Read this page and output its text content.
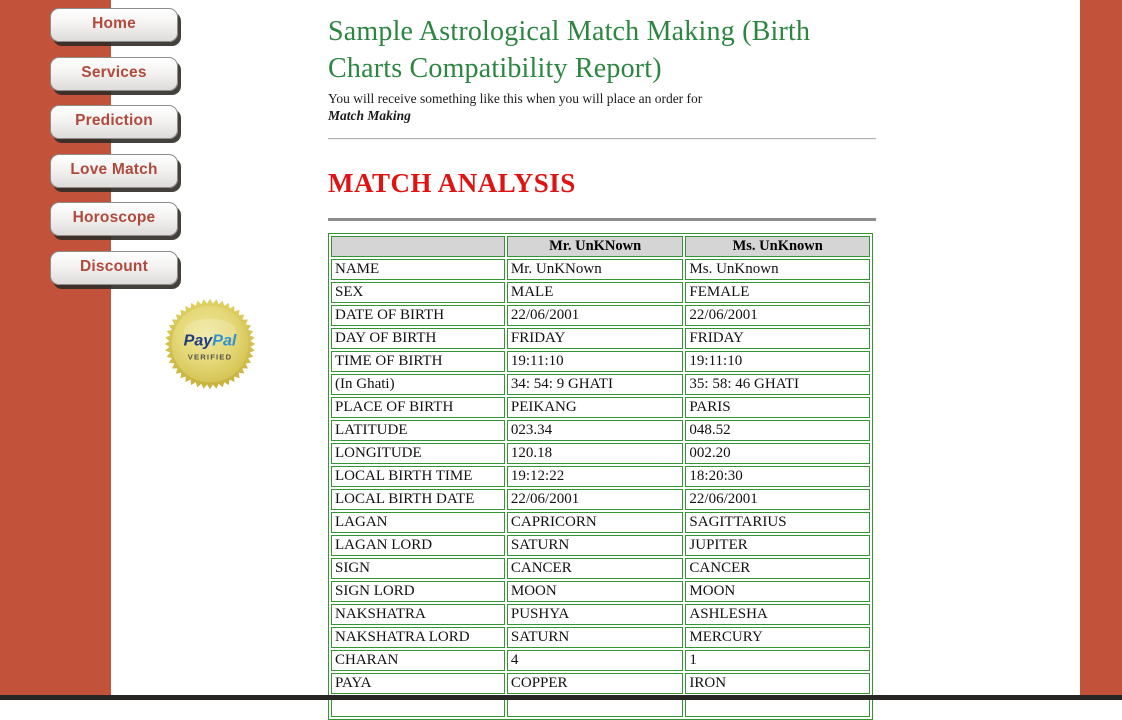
Home
Services
Prediction
Love Match
Horoscope
Discount
PayPal
VERIFIED
Sample Astrological Match Making (Birth Charts Compatibility Report)
You will receive something like this when you will place an order for
Match Making
MATCH ANALYSIS
	Mr. UnKNown	Ms. UnKnown
NAME	Mr. UnKNown	Ms. UnKnown
SEX	MALE	FEMALE
DATE OF BIRTH	22/06/2001	22/06/2001
DAY OF BIRTH	FRIDAY	FRIDAY
TIME OF BIRTH	19:11:10	19:11:10
(In Ghati)	34: 54: 9 GHATI	35: 58: 46 GHATI
PLACE OF BIRTH	PEIKANG	PARIS
LATITUDE	023.34	048.52
LONGITUDE	120.18	002.20
LOCAL BIRTH TIME	19:12:22	18:20:30
LOCAL BIRTH DATE	22/06/2001	22/06/2001
LAGAN	CAPRICORN	SAGITTARIUS
LAGAN LORD	SATURN	JUPITER
SIGN	CANCER	CANCER
SIGN LORD	MOON	MOON
NAKSHATRA	PUSHYA	ASHLESHA
NAKSHATRA LORD	SATURN	MERCURY
CHARAN	4	1
PAYA	COPPER	IRON
